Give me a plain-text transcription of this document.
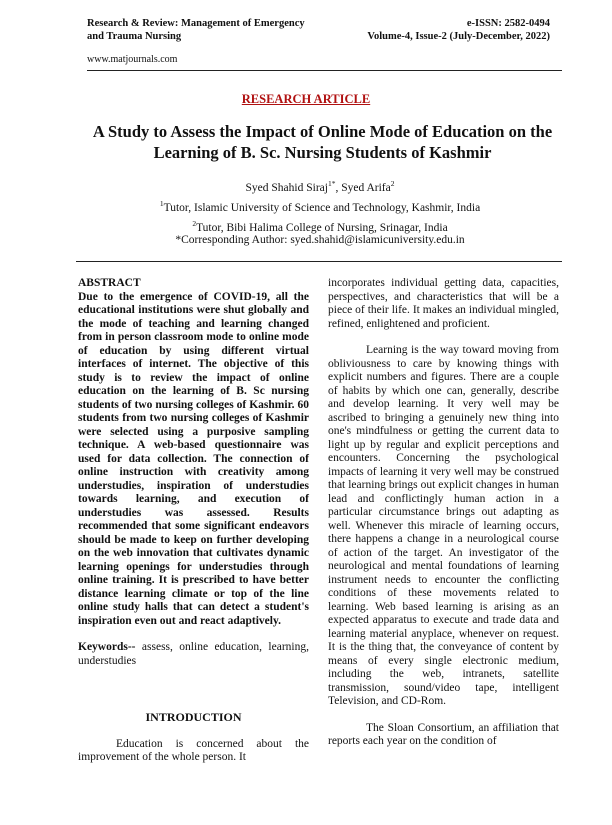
Research & Review: Management of Emergency
and Trauma Nursing
e-ISSN: 2582-0494
Volume-4, Issue-2 (July-December, 2022)
www.matjournals.com
RESEARCH ARTICLE
A Study to Assess the Impact of Online Mode of Education on the
Learning of B. Sc. Nursing Students of Kashmir
Syed Shahid Siraj$^{1*}$, Syed Arifa$^2$
$^1$Tutor, Islamic University of Science and Technology, Kashmir, India
$^2$Tutor, Bibi Halima College of Nursing, Srinagar, India
*Corresponding Author: syed.shahid@islamicuniversity.edu.in
ABSTRACT

Due to the emergence of COVID-19, all the educational institutions were shut globally and the mode of teaching and learning changed from in person classroom mode to online mode of education by using different virtual interfaces of internet. The objective of this study is to review the impact of online education on the learning of B. Sc nursing students of two nursing colleges of Kashmir. 60 students from two nursing colleges of Kashmir were selected using a purposive sampling technique. A web-based questionnaire was used for data collection. The connection of online instruction with creativity among understudies, inspiration of understudies towards learning, and execution of understudies was assessed. Results recommended that some significant endeavors should be made to keep on further developing on the web innovation that cultivates dynamic learning openings for understudies through online training. It is prescribed to have better distance learning climate or top of the line online study halls that can detect a student's inspiration even out and react adaptively.

Keywords-- assess, online education, learning, understudies
INTRODUCTION

Education is concerned about the improvement of the whole person. It

incorporates individual getting data, capacities, perspectives, and characteristics that will be a piece of their life. It makes an individual mingled, refined, enlightened and proficient.

Learning is the way toward moving from obliviousness to care by knowing things with explicit numbers and figures. There are a couple of habits by which one can, generally, describe and develop learning. It very well may be ascribed to bringing a genuinely new thing into one's mindfulness or getting the current data to light up by regular and explicit perceptions and encounters. Concerning the psychological impacts of learning it very well may be construed that learning brings out explicit changes in human lead and conflictingly human action in a particular circumstance brings out adapting as well. Whenever this miracle of learning occurs, there happens a change in a neurological course of action of the target. An investigator of the neurological and mental foundations of learning instrument needs to encounter the conflicting conditions of these movements related to learning. Web based learning is arising as an expected apparatus to execute and trade data and learning material anyplace, whenever on request. It is the thing that, the conveyance of content by means of every single electronic medium, including the web, intranets, satellite transmission, sound/video tape, intelligent Television, and CD-Rom.

The Sloan Consortium, an affiliation that reports each year on the condition of
